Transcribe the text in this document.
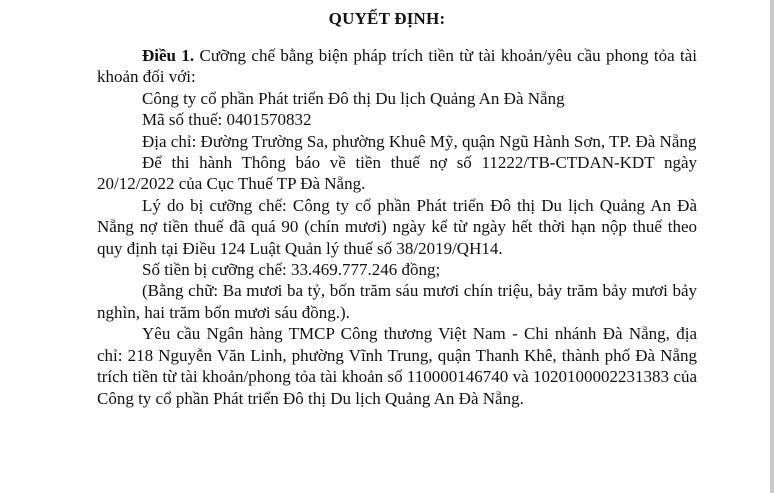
QUYẾT ĐỊNH:

Điều 1. Cưỡng chế bằng biện pháp trích tiền từ tài khoản/yêu cầu phong tỏa tài khoản đối với:

Công ty cổ phần Phát triển Đô thị Du lịch Quảng An Đà Nẵng

Mã số thuế: 0401570832

Địa chỉ: Đường Trường Sa, phường Khuê Mỹ, quận Ngũ Hành Sơn, TP. Đà Nẵng

Để thi hành Thông báo về tiền thuế nợ số 11222/TB-CTDAN-KDT ngày 20/12/2022 của Cục Thuế TP Đà Nẵng.

Lý do bị cưỡng chế: Công ty cổ phần Phát triển Đô thị Du lịch Quảng An Đà Nẵng nợ tiền thuế đã quá 90 (chín mươi) ngày kể từ ngày hết thời hạn nộp thuế theo quy định tại Điều 124 Luật Quản lý thuế số 38/2019/QH14.

Số tiền bị cưỡng chế: 33.469.777.246 đồng;

(Bằng chữ: Ba mươi ba tỷ, bốn trăm sáu mươi chín triệu, bảy trăm bảy mươi bảy nghìn, hai trăm bốn mươi sáu đồng.).

Yêu cầu Ngân hàng TMCP Công thương Việt Nam - Chi nhánh Đà Nẵng, địa chỉ: 218 Nguyễn Văn Linh, phường Vĩnh Trung, quận Thanh Khê, thành phố Đà Nẵng trích tiền từ tài khoản/phong tỏa tài khoản số 110000146740 và 1020100002231383 của Công ty cổ phần Phát triển Đô thị Du lịch Quảng An Đà Nẵng.
